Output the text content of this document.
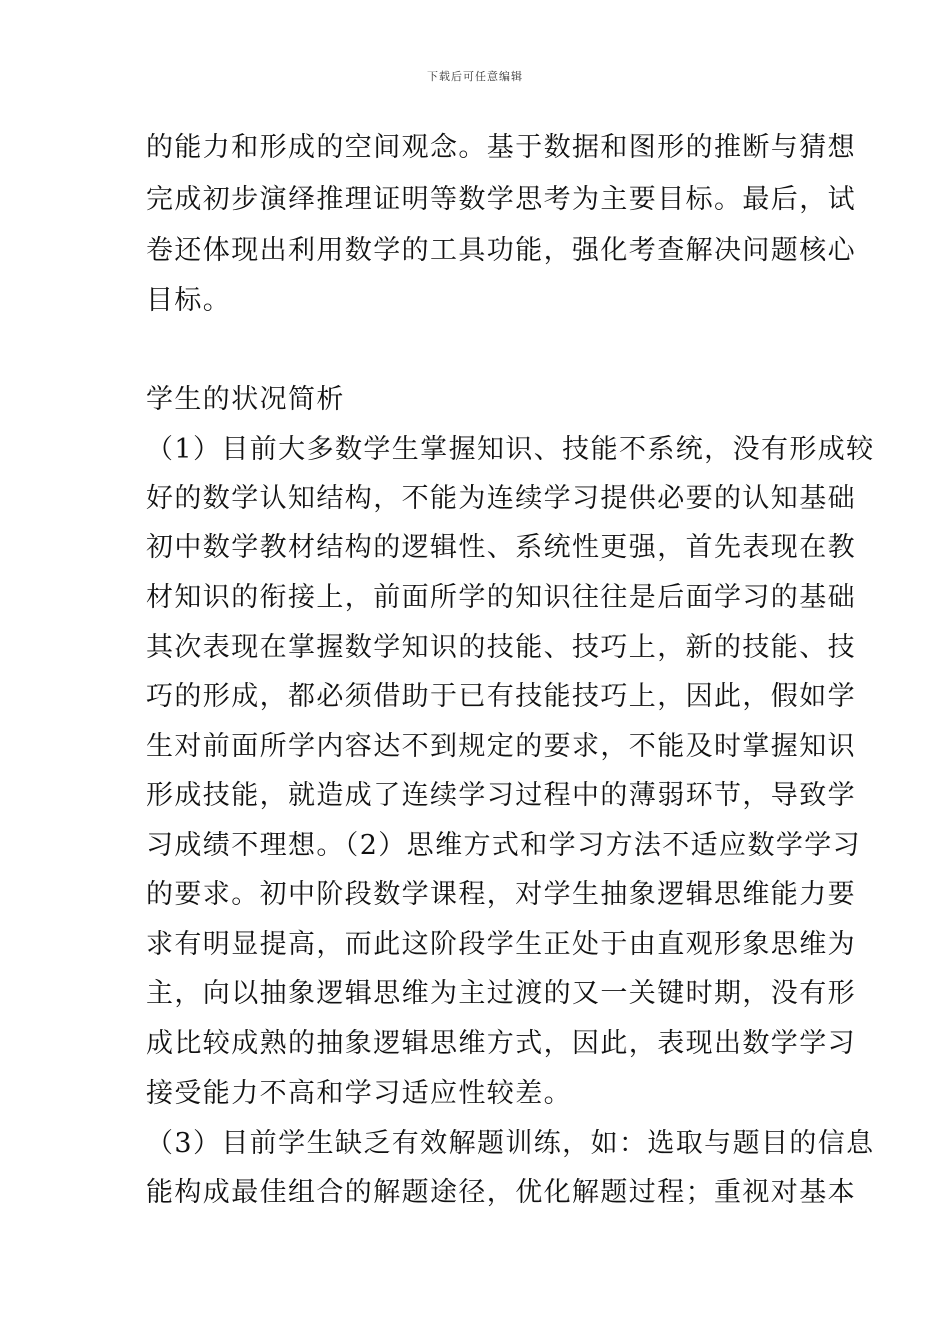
下载后可任意编辑
的能力和形成的空间观念。基于数据和图形的推断与猜想
完成初步演绎推理证明等数学思考为主要目标。最后，试
卷还体现出利用数学的工具功能，强化考查解决问题核心
目标。
学生的状况简析
（1）目前大多数学生掌握知识、技能不系统，没有形成较
好的数学认知结构，不能为连续学习提供必要的认知基础
初中数学教材结构的逻辑性、系统性更强，首先表现在教
材知识的衔接上，前面所学的知识往往是后面学习的基础
其次表现在掌握数学知识的技能、技巧上，新的技能、技
巧的形成，都必须借助于已有技能技巧上，因此，假如学
生对前面所学内容达不到规定的要求，不能及时掌握知识
形成技能，就造成了连续学习过程中的薄弱环节，导致学
习成绩不理想。（2）思维方式和学习方法不适应数学学习
的要求。初中阶段数学课程，对学生抽象逻辑思维能力要
求有明显提高，而此这阶段学生正处于由直观形象思维为
主，向以抽象逻辑思维为主过渡的又一关键时期，没有形
成比较成熟的抽象逻辑思维方式，因此，表现出数学学习
接受能力不高和学习适应性较差。
（3）目前学生缺乏有效解题训练，如：选取与题目的信息
能构成最佳组合的解题途径，优化解题过程；重视对基本
